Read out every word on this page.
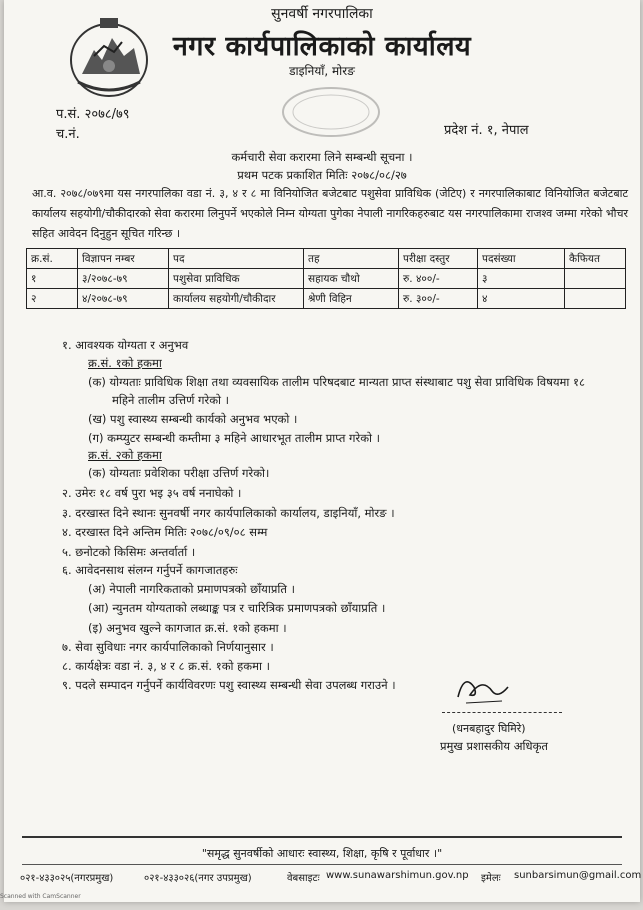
सुनवर्षी नगरपालिका
नगर कार्यपालिकाको कार्यालय
डाइनियाँ, मोरङ
प.सं. २०७८/७९
च.नं.	प्रदेश नं. १, नेपाल
कर्मचारी सेवा करारमा लिने सम्बन्धी सूचना ।
प्रथम पटक प्रकाशित मितिः २०७८/०८/२७
आ.व. २०७८/०७९मा यस नगरपालिका वडा नं. ३, ४ र ८ मा विनियोजित बजेटबाट पशुसेवा प्राविधिक (जेटिए) र नगरपालिकाबाट विनियोजित बजेटबाट कार्यालय सहयोगी/चौकीदारको सेवा करारमा लिनुपर्ने भएकोले निम्न योग्यता पुगेका नेपाली नागरिकहरुबाट यस नगरपालिकामा राजश्व जम्मा गरेको भौचर सहित आवेदन दिनुहुन सूचित गरिन्छ ।
क्र.सं.	विज्ञापन नम्बर	पद	तह	परीक्षा दस्तुर	पदसंख्या	कैफियत
१	३/२०७८-७९	पशुसेवा प्राविधिक	सहायक चौथो	रु. ४००/-	३	
२	४/२०७८-७९	कार्यालय सहयोगी/चौकीदार	श्रेणी विहिन	रु. ३००/-	४	
१. आवश्यक योग्यता र अनुभव
क्र.सं. १को हकमा
(क) योग्यताः प्राविधिक शिक्षा तथा व्यवसायिक तालीम परिषदबाट मान्यता प्राप्त संस्थाबाट पशु सेवा प्राविधिक विषयमा १८
महिने तालीम उत्तिर्ण गरेको ।
(ख) पशु स्वास्थ्य सम्बन्धी कार्यको अनुभव भएको ।
(ग) कम्प्युटर सम्बन्धी कम्तीमा ३ महिने आधारभूत तालीम प्राप्त गरेको ।
क्र.सं. २को हकमा
(क) योग्यताः प्रवेशिका परीक्षा उत्तिर्ण गरेको।
२. उमेरः १८ वर्ष पुरा भइ ३५ वर्ष ननाघेको ।
३. दरखास्त दिने स्थानः सुनवर्षी नगर कार्यपालिकाको कार्यालय, डाइनियाँ, मोरङ ।
४. दरखास्त दिने अन्तिम मितिः २०७८/०९/०८ सम्म
५. छनोटको किसिमः अन्तर्वार्ता ।
६. आवेदनसाथ संलग्न गर्नुपर्ने कागजातहरुः
(अ) नेपाली नागरिकताको प्रमाणपत्रको छाँयाप्रति ।
(आ) न्युनतम योग्यताको लब्धाङ्क पत्र र चारित्रिक प्रमाणपत्रको छाँयाप्रति ।
(इ) अनुभव खुल्ने कागजात क्र.सं. १को हकमा ।
७. सेवा सुविधाः नगर कार्यपालिकाको निर्णयानुसार ।
८. कार्यक्षेत्रः वडा नं. ३, ४ र ८ क्र.सं. १को हकमा ।
९. पदले सम्पादन गर्नुपर्ने कार्यविवरणः पशु स्वास्थ्य सम्बन्धी सेवा उपलब्ध गराउने ।
(धनबहादुर घिमिरे)
प्रमुख प्रशासकीय अधिकृत
"समृद्ध सुनवर्षीको आधारः स्वास्थ्य, शिक्षा, कृषि र पूर्वाधार ।"
०२१-४३३०२५(नगरप्रमुख)	०२१-४३३०२६(नगर उपप्रमुख)	वेबसाइटः www.sunawarshimun.gov.np इमेलः sunbarsimun@gmail.com
Scanned with CamScanner
